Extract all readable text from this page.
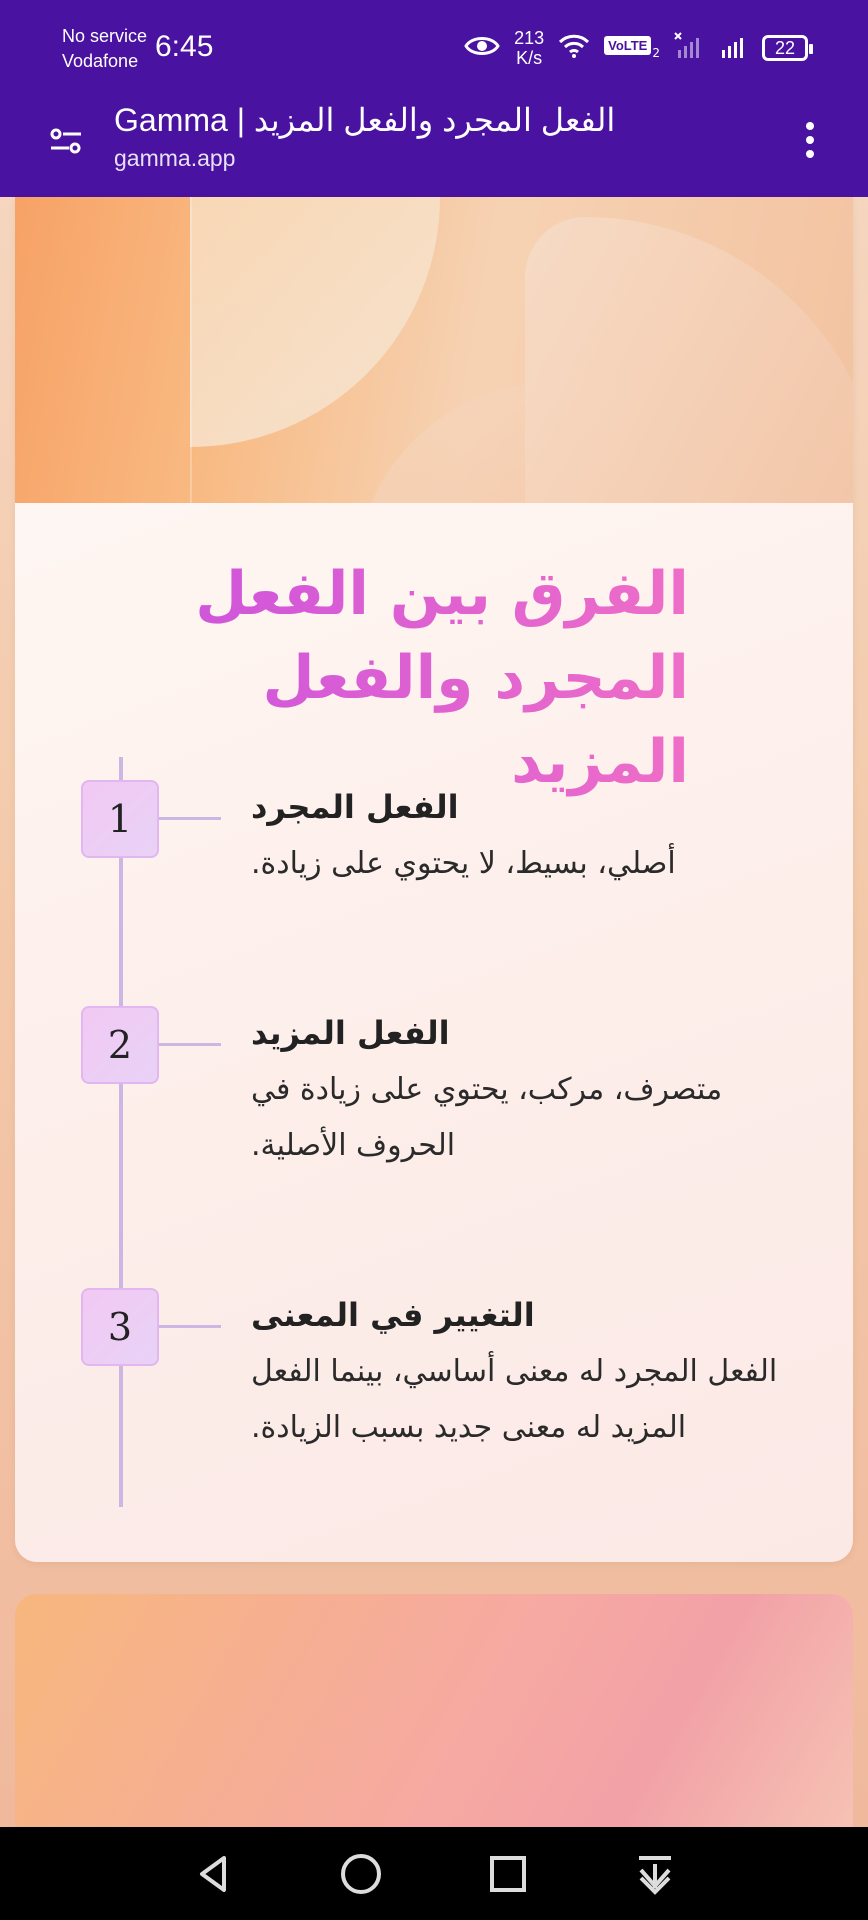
No service
Vodafone 6:45	213
K/s
VoLTE 2	22
Gamma | الفعل المجرد والفعل المزيد
gamma.app
الفرق بين الفعل المجرد والفعل المزيد
1	الفعل المجرد
أصلي، بسيط، لا يحتوي على زيادة.
2	الفعل المزيد
متصرف، مركب، يحتوي على زيادة في الحروف الأصلية.
3	التغيير في المعنى
الفعل المجرد له معنى أساسي، بينما الفعل المزيد له معنى جديد بسبب الزيادة.
